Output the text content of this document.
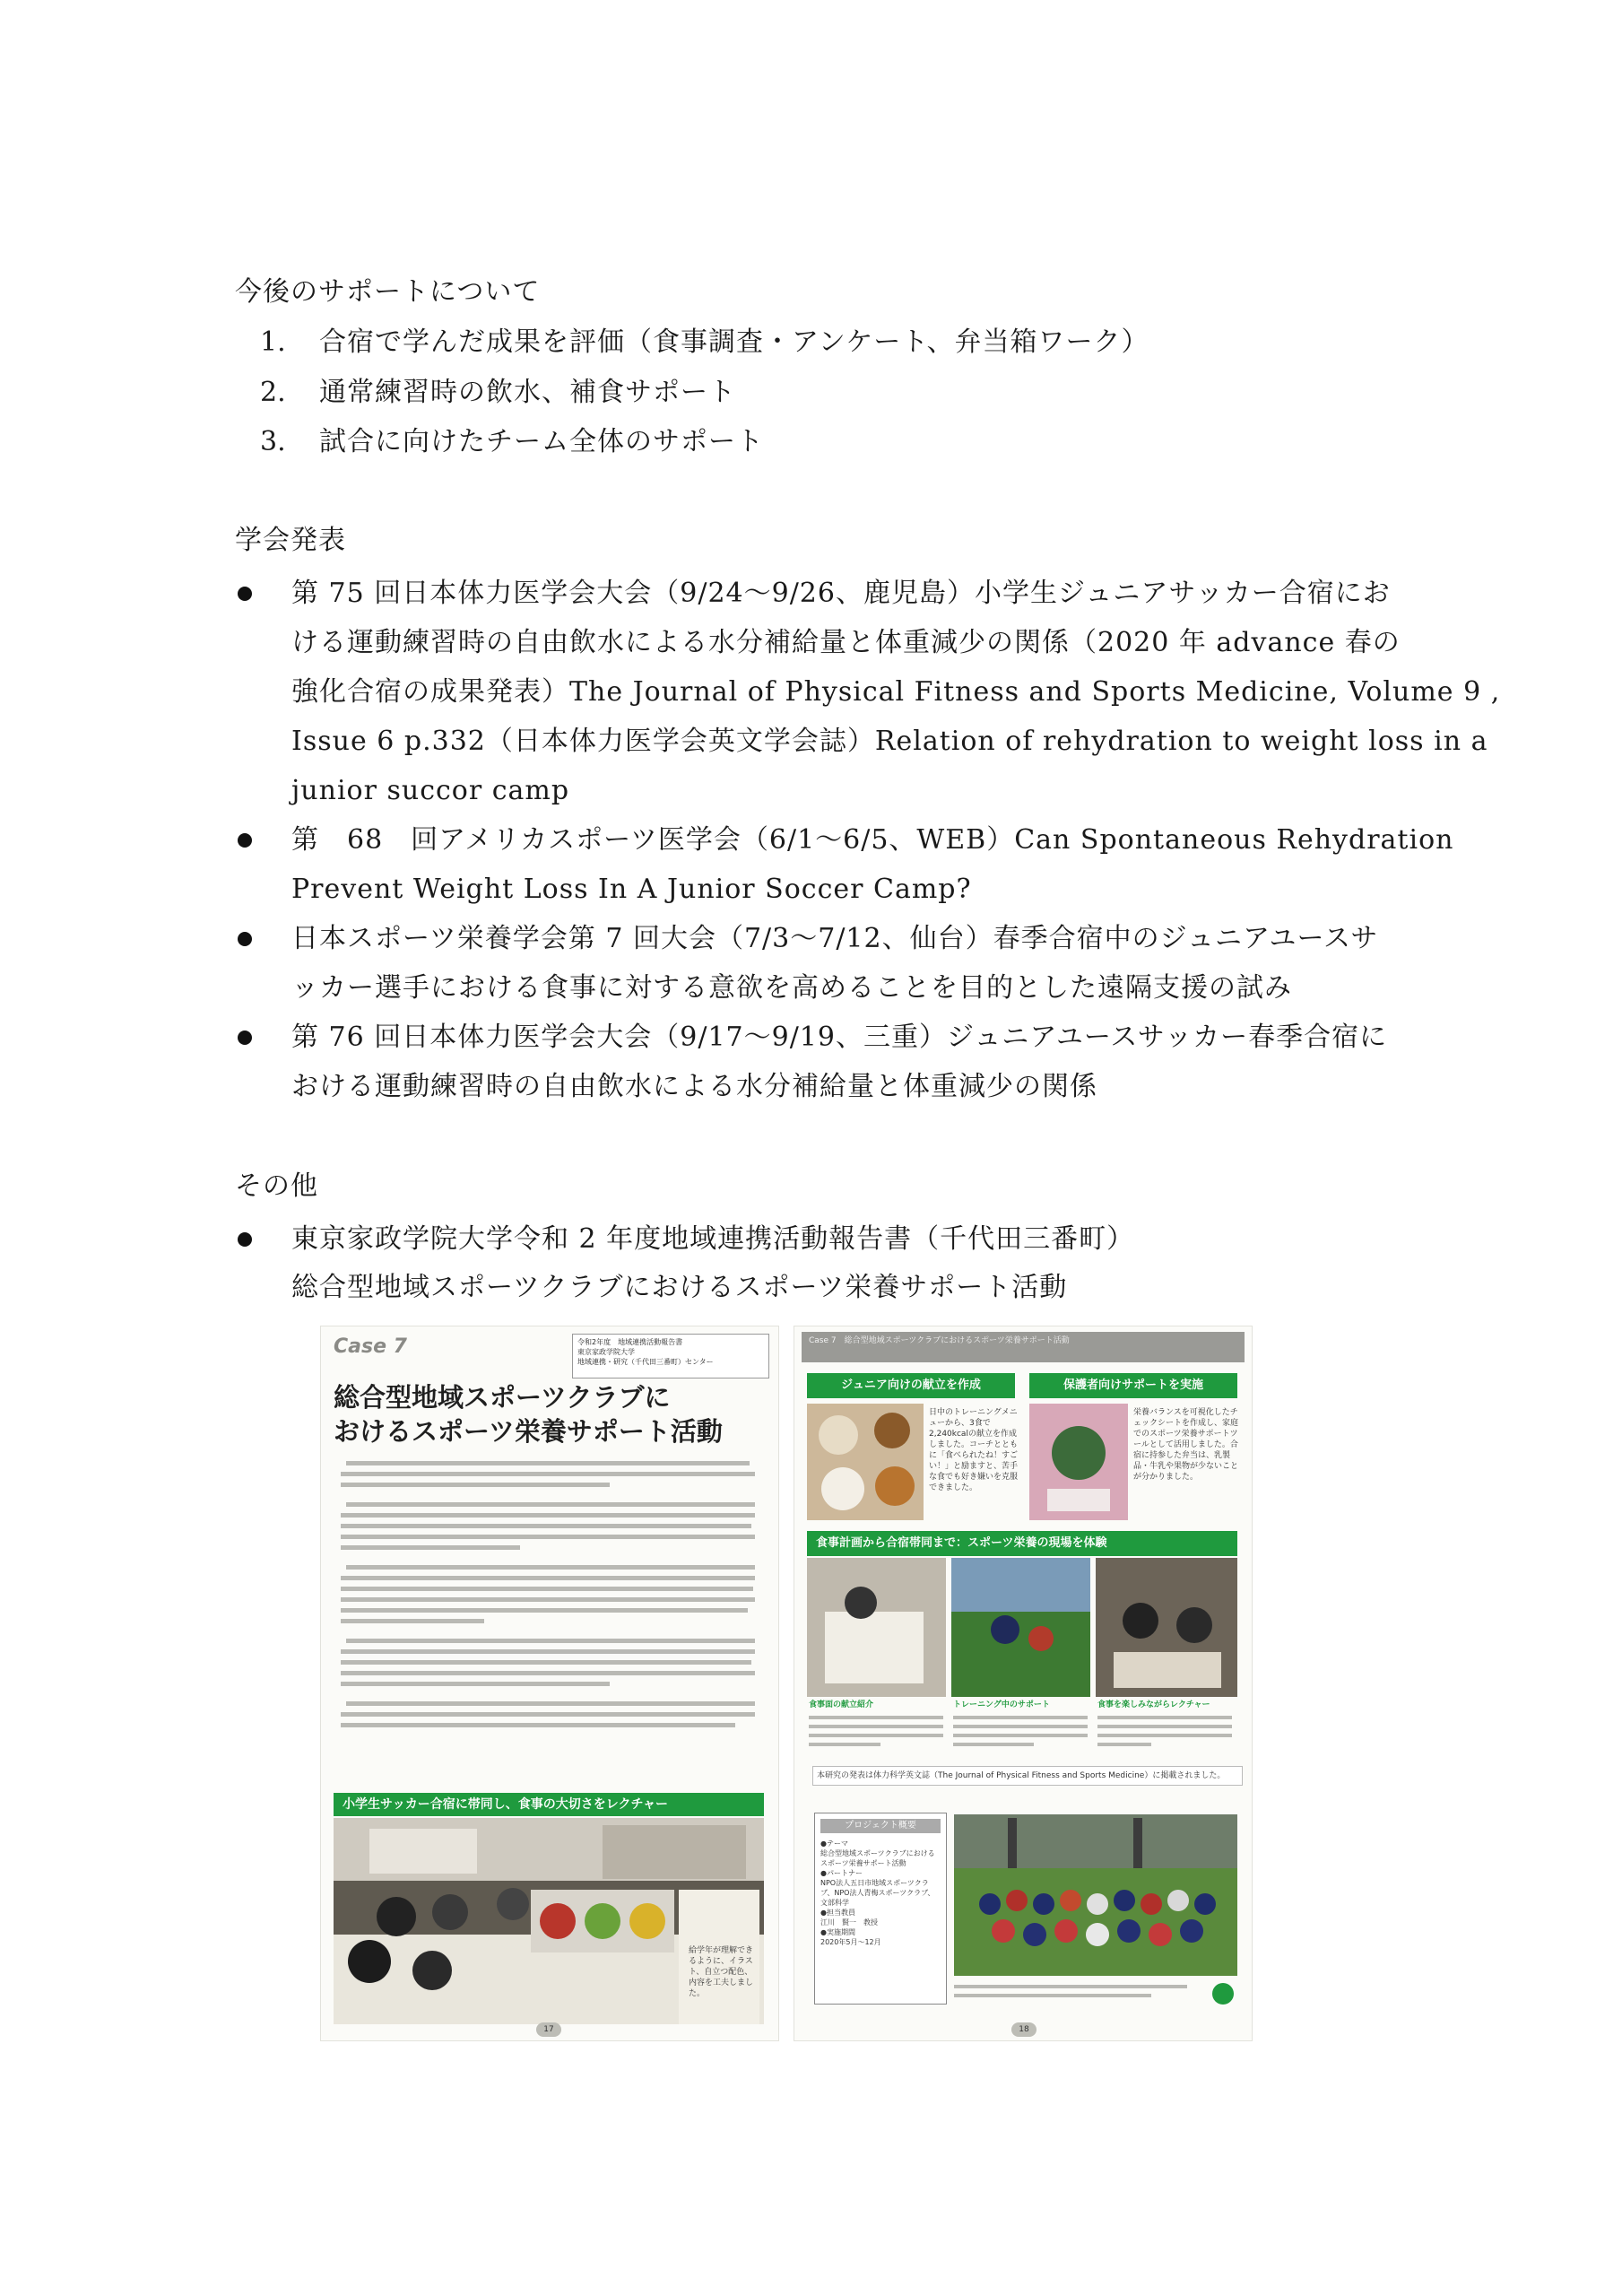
今後のサポートについて
1. 合宿で学んだ成果を評価（食事調査・アンケート、弁当箱ワーク）
2. 通常練習時の飲水、補食サポート
3. 試合に向けたチーム全体のサポート
学会発表
第 75 回日本体力医学会大会（9/24〜9/26、鹿児島）小学生ジュニアサッカー合宿にお
ける運動練習時の自由飲水による水分補給量と体重減少の関係（2020 年 advance 春の
強化合宿の成果発表）The Journal of Physical Fitness and Sports Medicine, Volume 9 ,
Issue 6 p.332（日本体力医学会英文学会誌）Relation of rehydration to weight loss in a
junior succor camp
第　68　回アメリカスポーツ医学会（6/1〜6/5、WEB）Can Spontaneous Rehydration
Prevent Weight Loss In A Junior Soccer Camp?
日本スポーツ栄養学会第 7 回大会（7/3〜7/12、仙台）春季合宿中のジュニアユースサ
ッカー選手における食事に対する意欲を高めることを目的とした遠隔支援の試み
第 76 回日本体力医学会大会（9/17〜9/19、三重）ジュニアユースサッカー春季合宿に
おける運動練習時の自由飲水による水分補給量と体重減少の関係
その他
東京家政学院大学令和 2 年度地域連携活動報告書（千代田三番町）
総合型地域スポーツクラブにおけるスポーツ栄養サポート活動
Case 7	令和2年度　地域連携活動報告書
東京家政学院大学
地域連携・研究（千代田三番町）センター
総合型地域スポーツクラブに
おけるスポーツ栄養サポート活動
小学生サッカー合宿に帯同し、食事の大切さをレクチャー
給学年が理解できるように、イラスト、自立つ配色、内容を工夫しました。
17
Case 7　総合型地域スポーツクラブにおけるスポーツ栄養サポート活動
ジュニア向けの献立を作成	保護者向けサポートを実施
日中のトレーニングメニューから、3食で2,240kcalの献立を作成しました。コーチとともに「食べられたね！すごい！」と励ますと、苦手な食でも好き嫌いを克服できました。
栄養バランスを可視化したチェックシートを作成し、家庭でのスポーツ栄養サポートツールとして活用しました。合宿に持参した弁当は、乳製品・牛乳や果物が少ないことが分かりました。
食事計画から合宿帯同まで：スポーツ栄養の現場を体験
食事面の献立紹介	トレーニング中のサポート	食事を楽しみながらレクチャー
本研究の発表は体力科学英文誌（The Journal of Physical Fitness and Sports Medicine）に掲載されました。
プロジェクト概要
●テーマ
総合型地域スポーツクラブにおけるスポーツ栄養サポート活動
●パートナー
NPO法人五日市地域スポーツクラブ、NPO法人青梅スポーツクラブ、文部科学
●担当教員
江川　賢一　教授
●実施期間
2020年5月〜12月
18
